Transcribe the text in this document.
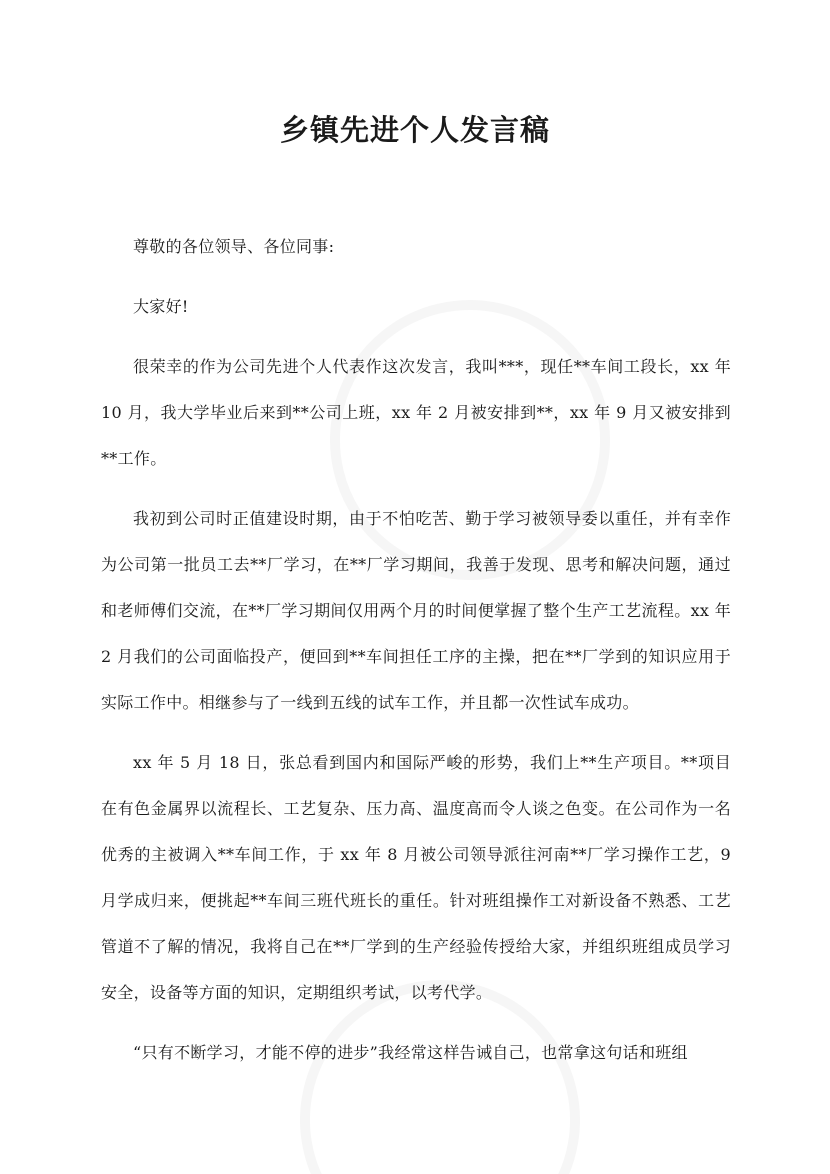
乡镇先进个人发言稿

尊敬的各位领导、各位同事:

大家好!

很荣幸的作为公司先进个人代表作这次发言，我叫***，现任**车间工段长，xx 年 10 月，我大学毕业后来到**公司上班，xx 年 2 月被安排到**，xx 年 9 月又被安排到**工作。

我初到公司时正值建设时期，由于不怕吃苦、勤于学习被领导委以重任，并有幸作为公司第一批员工去**厂学习，在**厂学习期间，我善于发现、思考和解决问题，通过和老师傅们交流，在**厂学习期间仅用两个月的时间便掌握了整个生产工艺流程。xx 年 2 月我们的公司面临投产，便回到**车间担任工序的主操，把在**厂学到的知识应用于实际工作中。相继参与了一线到五线的试车工作，并且都一次性试车成功。

xx 年 5 月 18 日，张总看到国内和国际严峻的形势，我们上**生产项目。**项目在有色金属界以流程长、工艺复杂、压力高、温度高而令人谈之色变。在公司作为一名优秀的主被调入**车间工作，于 xx 年 8 月被公司领导派往河南**厂学习操作工艺，9 月学成归来，便挑起**车间三班代班长的重任。针对班组操作工对新设备不熟悉、工艺管道不了解的情况，我将自己在**厂学到的生产经验传授给大家，并组织班组成员学习安全，设备等方面的知识，定期组织考试，以考代学。

“只有不断学习，才能不停的进步”我经常这样告诫自己，也常拿这句话和班组
